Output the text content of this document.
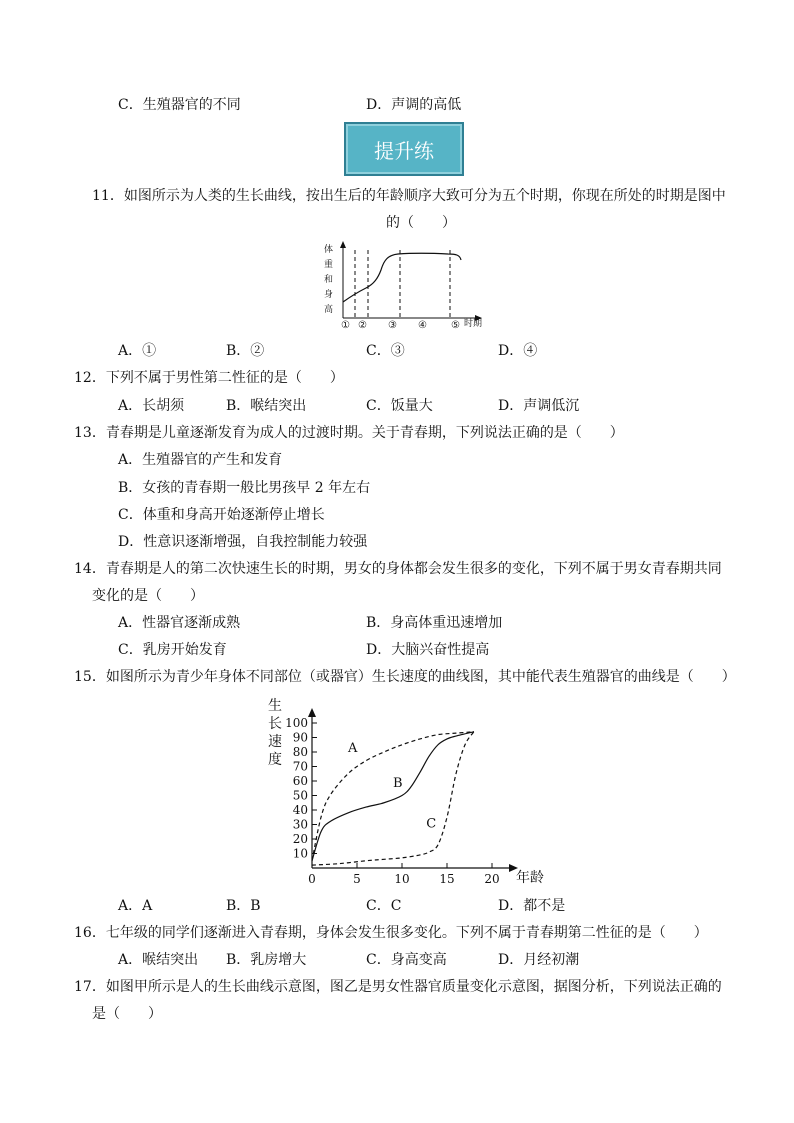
C．生殖器官的不同	D．声调的高低
提升练
11．如图所示为人类的生长曲线，按出生后的年龄顺序大致可分为五个时期，你现在所处的时期是图中
的（　　）
体
重
和
身
高
① ② ③ ④ ⑤ 时期
A．①	B．②	C．③	D．④
12．下列不属于男性第二性征的是（　　）
A．长胡须	B．喉结突出	C．饭量大	D．声调低沉
13．青春期是儿童逐渐发育为成人的过渡时期。关于青春期，下列说法正确的是（　　）
A．生殖器官的产生和发育
B．女孩的青春期一般比男孩早 2 年左右
C．体重和身高开始逐渐停止增长
D．性意识逐渐增强，自我控制能力较强
14．青春期是人的第二次快速生长的时期，男女的身体都会发生很多的变化，下列不属于男女青春期共同
变化的是（　　）
A．性器官逐渐成熟	B．身高体重迅速增加
C．乳房开始发育	D．大脑兴奋性提高
15．如图所示为青少年身体不同部位（或器官）生长速度的曲线图，其中能代表生殖器官的曲线是（　　）
生
长
速
度
10
20
30
40
50
60
70
80
90
100
0	5	10 15 20
A
B
C
年龄
A．A	B．B	C．C	D．都不是
16．七年级的同学们逐渐进入青春期，身体会发生很多变化。下列不属于青春期第二性征的是（　　）
A．喉结突出 B．乳房增大	C．身高变高	D．月经初潮
17．如图甲所示是人的生长曲线示意图，图乙是男女性器官质量变化示意图，据图分析，下列说法正确的
是（　　）
